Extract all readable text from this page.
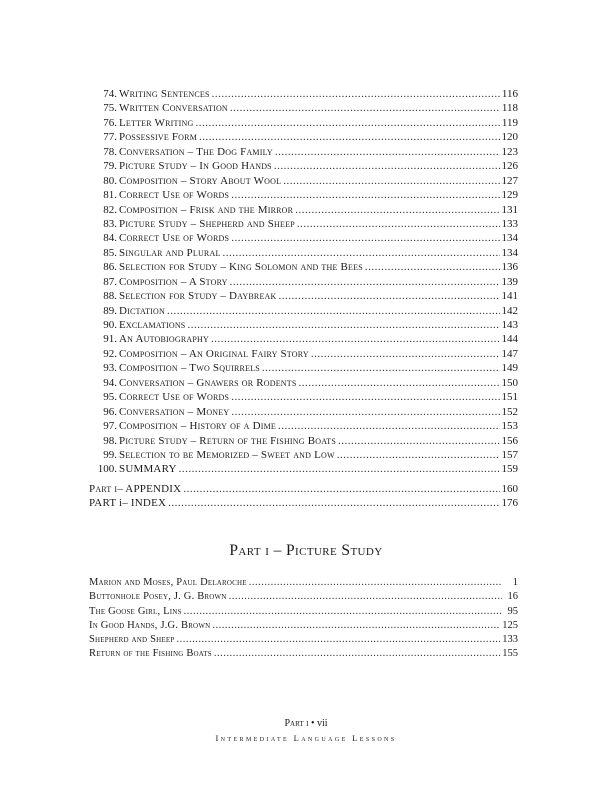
74. Writing Sentences .....	116
75. Written Conversation .....	118
76. Letter Writing .....	119
77. Possessive Form .....	120
78. Conversation – The Dog Family .....	123
79. Picture Study – In Good Hands .....	126
80. Composition – Story About Wool .....	127
81. Correct Use of Words .....	129
82. Composition – Frisk and the Mirror .....	131
83. Picture Study – Shepherd and Sheep .....	133
84. Correct Use of Words .....	134
85. Singular and Plural .....	134
86. Selection for Study – King Solomon and the Bees .....	136
87. Composition – A Story .....	139
88. Selection for Study – Daybreak .....	141
89. Dictation .....	142
90. Exclamations .....	143
91. An Autobiography .....	144
92. Composition – An Original Fairy Story .....	147
93. Composition – Two Squirrels .....	149
94. Conversation – Gnawers or Rodents .....	150
95. Correct Use of Words .....	151
96. Conversation – Money .....	152
97. Composition – History of a Dime .....	153
98. Picture Study – Return of the Fishing Boats .....	156
99. Selection to be Memorized – Sweet and Low .....	157
100. SUMMARY .....	159
Part i – APPENDIX .....	160
PART i – INDEX .....	176
Part i – Picture Study
Marion and Moses, Paul Delaroche .....	1
Buttonhole Posey, J. G. Brown .....	16
The Goose Girl, Lins .....	95
In Good Hands, J.G. Brown .....	125
Shepherd and Sheep .....	133
Return of the Fishing Boats .....	155
Part i • vii
Intermediate Language Lessons
